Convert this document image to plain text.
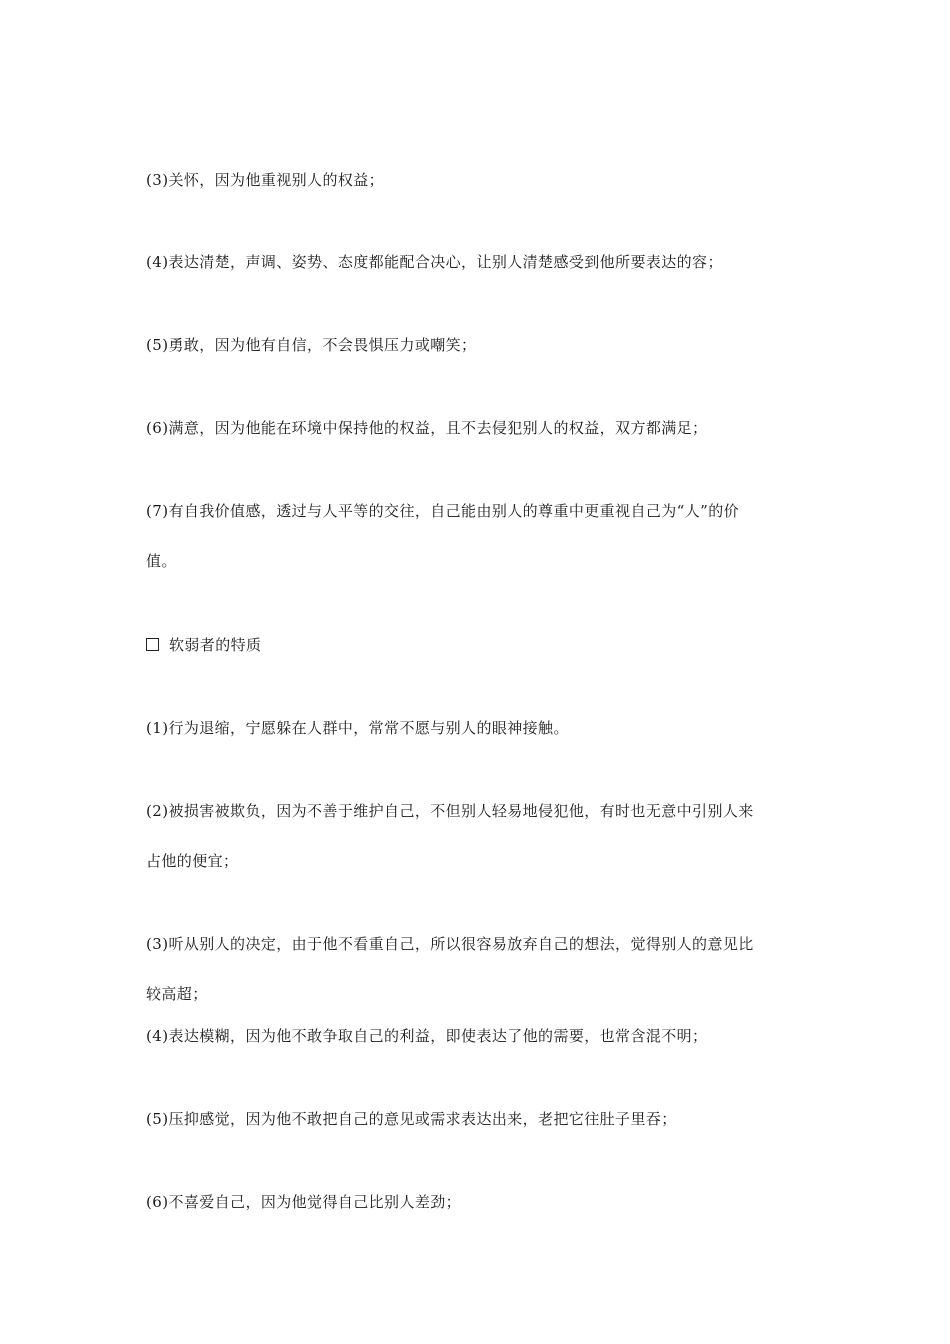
(3)关怀，因为他重视别人的权益；
(4)表达清楚，声调、姿势、态度都能配合决心，让别人清楚感受到他所要表达的容；
(5)勇敢，因为他有自信，不会畏惧压力或嘲笑；
(6)满意，因为他能在环境中保持他的权益，且不去侵犯别人的权益，双方都满足；
(7)有自我价值感，透过与人平等的交往，自己能由别人的尊重中更重视自己为“人”的价
值。
软弱者的特质
(1)行为退缩，宁愿躲在人群中，常常不愿与别人的眼神接触。
(2)被损害被欺负，因为不善于维护自己，不但别人轻易地侵犯他，有时也无意中引别人来
占他的便宜；
(3)听从别人的决定，由于他不看重自己，所以很容易放弃自己的想法，觉得别人的意见比
较高超；
(4)表达模糊，因为他不敢争取自己的利益，即使表达了他的需要，也常含混不明；
(5)压抑感觉，因为他不敢把自己的意见或需求表达出来，老把它往肚子里吞；
(6)不喜爱自己，因为他觉得自己比别人差劲；
